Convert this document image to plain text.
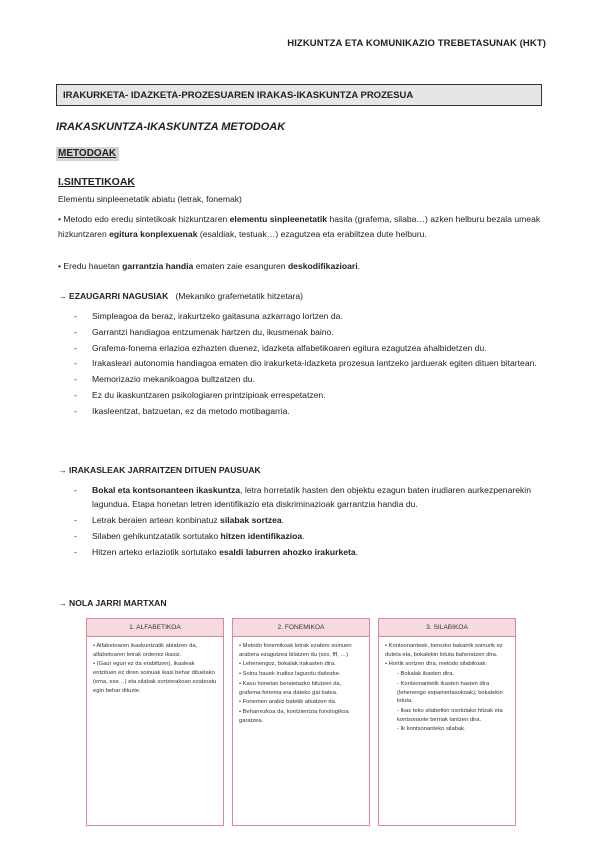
HIZKUNTZA ETA KOMUNIKAZIO TREBETASUNAK (HKT)
IRAKURKETA- IDAZKETA-PROZESUAREN IRAKAS-IKASKUNTZA PROZESUA
IRAKASKUNTZA-IKASKUNTZA METODOAK
METODOAK
I.SINTETIKOAK
Elementu sinpleenetatik abiatu (letrak, fonemak)
• Metodo edo eredu sintetikoak hizkuntzaren elementu sinpleenetatik hasita (grafema, silaba…) azken helburu bezala umeak hizkuntzaren egitura konplexuenak (esaldiak, testuak…) ezagutzea eta erabiltzea dute helburu.
• Eredu hauetan garrantzia handia ematen zaie esanguren deskodifikazioari.
→ EZAUGARRI NAGUSIAK (Mekaniko grafemetatik hitzetara)
- Simpleagoa da beraz, irakurtzeko gaitasuna azkarrago lortzen da.
- Garrantzi handiagoa entzumenak hartzen du, ikusmenak baino.
- Grafema-fonema erlazioa ezhazten duenez, idazketa alfabetikoaren egitura ezagutzea ahalbidetzen du.
- Irakasleari autonomia handiagoa ematen dio irakurketa-idazketa prozesua lantzeko jarduerak egiten dituen bitartean.
- Memorizazio mekanikoagoa bultzatzen du.
- Ez du ikaskuntzaren psikologiaren printzipioak errespetatzen.
- Ikasleentzat, batzuetan, ez da metodo motibagarria.
→ IRAKASLEAK JARRAITZEN DITUEN PAUSUAK
- Bokal eta kontsonanteen ikaskuntza, letra horretatik hasten den objektu ezagun baten irudiaren aurkezpenarekin lagundua. Etapa honetan letren identifikazio eta diskriminazioak garrantzia handia du.
- Letrak beraien artean konbinatuz silabak sortzea.
- Silaben gehikuntzatatik sortutako hitzen identifikazioa.
- Hitzen arteko erlaziotik sortutako esaldi laburren ahozko irakurketa.
→ NOLA JARRI MARTXAN
1. ALFABETIKOA
• Alfabetoaren ikaskuntzatik abiatzen da, alfabetoaren letrak ordenez ikasiz.
• (Gaur egun ez da erabiltzen), ikasleak entzituen ez diren soinuak ikasi behar dituelako (ema, ese…) eta silabak sortzerakoan ezaboatu egin behar dituzte.
2. FONEMIKOA
• Metodo fonemikoak letrak ezabiro soinuen arabera ezagutzea bilatzen du (sss, fff, …)
• Lehenengoz, bokalak irakasten dira.
• Soinu hauek irudiez lagundu daitezke.
• Kasu honetan beraietazko bilutzen da, grafema-fonema era dateko gai batea.
• Fonemen arabiz batetik abiatzen da.
• Beharrezkoa da, kontzientzia fonologikoa garatzea.
3. SILABIKOA
• Kontsonanteek, berezko bakarrik soinurik ez dutela eta, bokalekin lotuta baheratzen dira.
• Hortik sortzen dira, metodo silabikoak:
- Bokalak ikasten dira.
- Kontsonantetik ikasten hasten dira (lehenengo espainertasokoak), bokalekin lotuta.
- Ikas teko silabetkin osotutako hitzak eta kontsonante berriak lantzen dira.
- Ik kontsonanteko silabak.
